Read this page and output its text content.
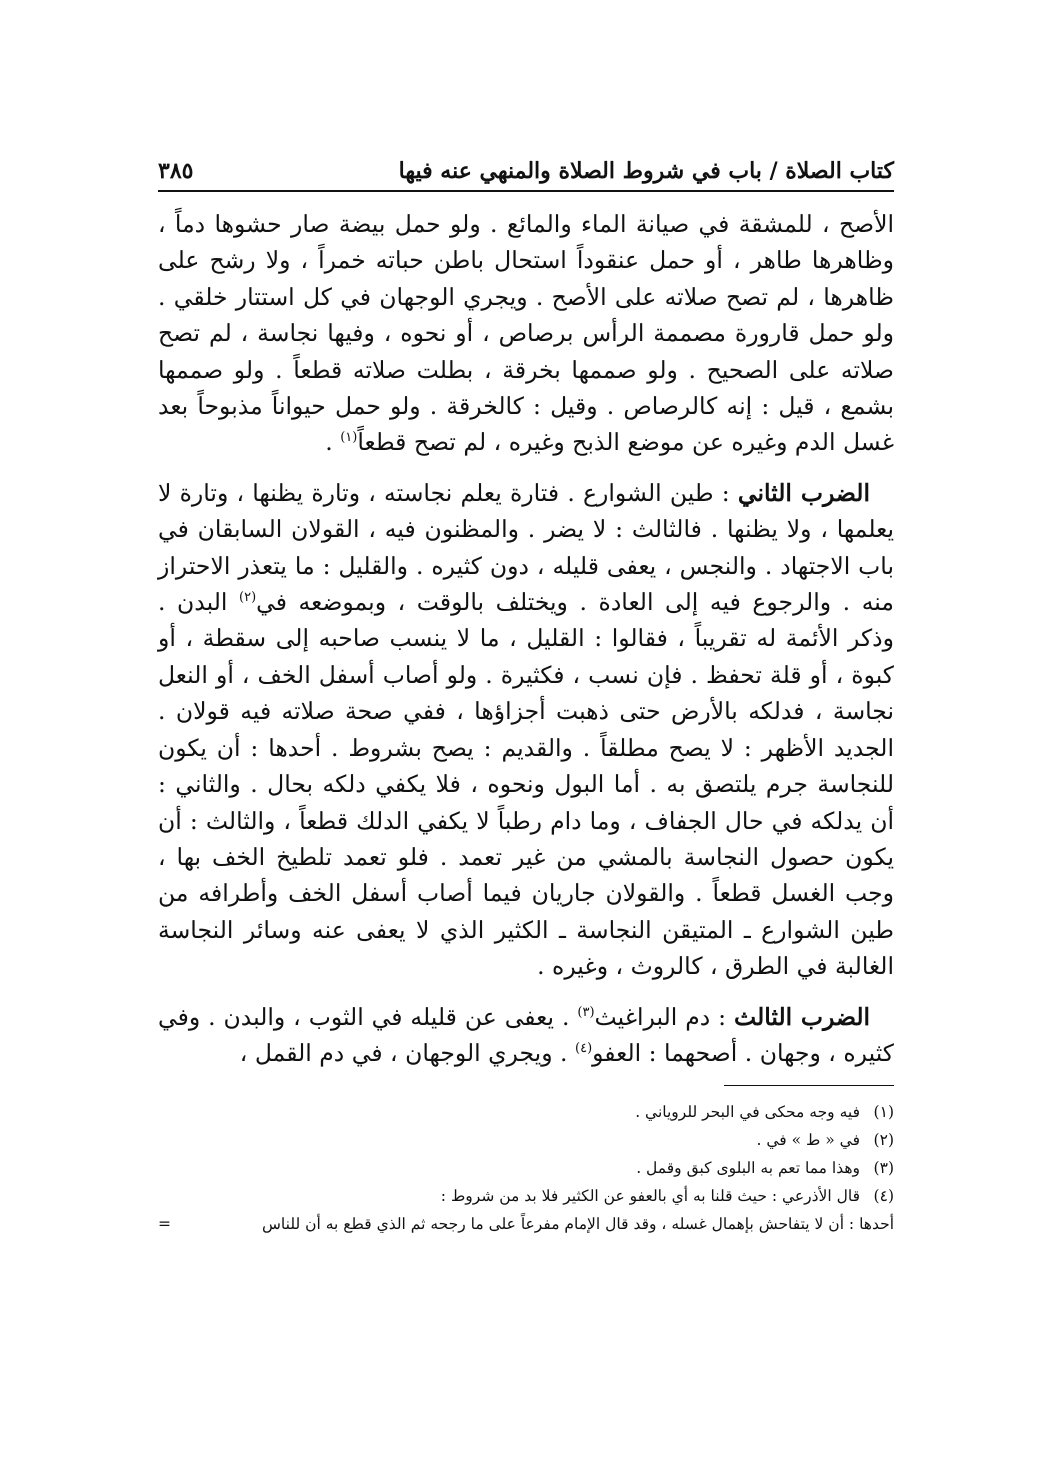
كتاب الصلاة / باب في شروط الصلاة والمنهي عنه فيها
٣٨٥

الأصح ، للمشقة في صيانة الماء والمائع . ولو حمل بيضة صار حشوها دماً ، وظاهرها طاهر ، أو حمل عنقوداً استحال باطن حباته خمراً ، ولا رشح على ظاهرها ، لم تصح صلاته على الأصح . ويجري الوجهان في كل استتار خلقي . ولو حمل قارورة مصممة الرأس برصاص ، أو نحوه ، وفيها نجاسة ، لم تصح صلاته على الصحيح . ولو صممها بخرقة ، بطلت صلاته قطعاً . ولو صممها بشمع ، قيل : إنه كالرصاص . وقيل : كالخرقة . ولو حمل حيواناً مذبوحاً بعد غسل الدم وغيره عن موضع الذبح وغيره ، لم تصح قطعاً$^{(١)}$ .

الضرب الثاني : طين الشوارع . فتارة يعلم نجاسته ، وتارة يظنها ، وتارة لا يعلمها ، ولا يظنها . فالثالث : لا يضر . والمظنون فيه ، القولان السابقان في باب الاجتهاد . والنجس ، يعفى قليله ، دون كثيره . والقليل : ما يتعذر الاحتراز منه . والرجوع فيه إلى العادة . ويختلف بالوقت ، وبموضعه في$^{(٢)}$ البدن . وذكر الأئمة له تقريباً ، فقالوا : القليل ، ما لا ينسب صاحبه إلى سقطة ، أو كبوة ، أو قلة تحفظ . فإن نسب ، فكثيرة . ولو أصاب أسفل الخف ، أو النعل نجاسة ، فدلكه بالأرض حتى ذهبت أجزاؤها ، ففي صحة صلاته فيه قولان . الجديد الأظهر : لا يصح مطلقاً . والقديم : يصح بشروط . أحدها : أن يكون للنجاسة جرم يلتصق به . أما البول ونحوه ، فلا يكفي دلكه بحال . والثاني : أن يدلكه في حال الجفاف ، وما دام رطباً لا يكفي الدلك قطعاً ، والثالث : أن يكون حصول النجاسة بالمشي من غير تعمد . فلو تعمد تلطيخ الخف بها ، وجب الغسل قطعاً . والقولان جاريان فيما أصاب أسفل الخف وأطرافه من طين الشوارع ـ المتيقن النجاسة ـ الكثير الذي لا يعفى عنه وسائر النجاسة الغالبة في الطرق ، كالروث ، وغيره .

الضرب الثالث : دم البراغيث$^{(٣)}$ . يعفى عن قليله في الثوب ، والبدن . وفي كثيره ، وجهان . أصحهما : العفو$^{(٤)}$ . ويجري الوجهان ، في دم القمل ،

(١)
فيه وجه محكى في البحر للروياني .
(٢)
في « ط » في .
(٣)
وهذا مما تعم به البلوى كبق وقمل .
(٤)
قال الأذرعي : حيث قلنا به أي بالعفو عن الكثير فلا بد من شروط :
أحدها : أن لا يتفاحش بإهمال غسله ، وقد قال الإمام مفرعاً على ما رجحه ثم الذي قطع به أن للناس
=
